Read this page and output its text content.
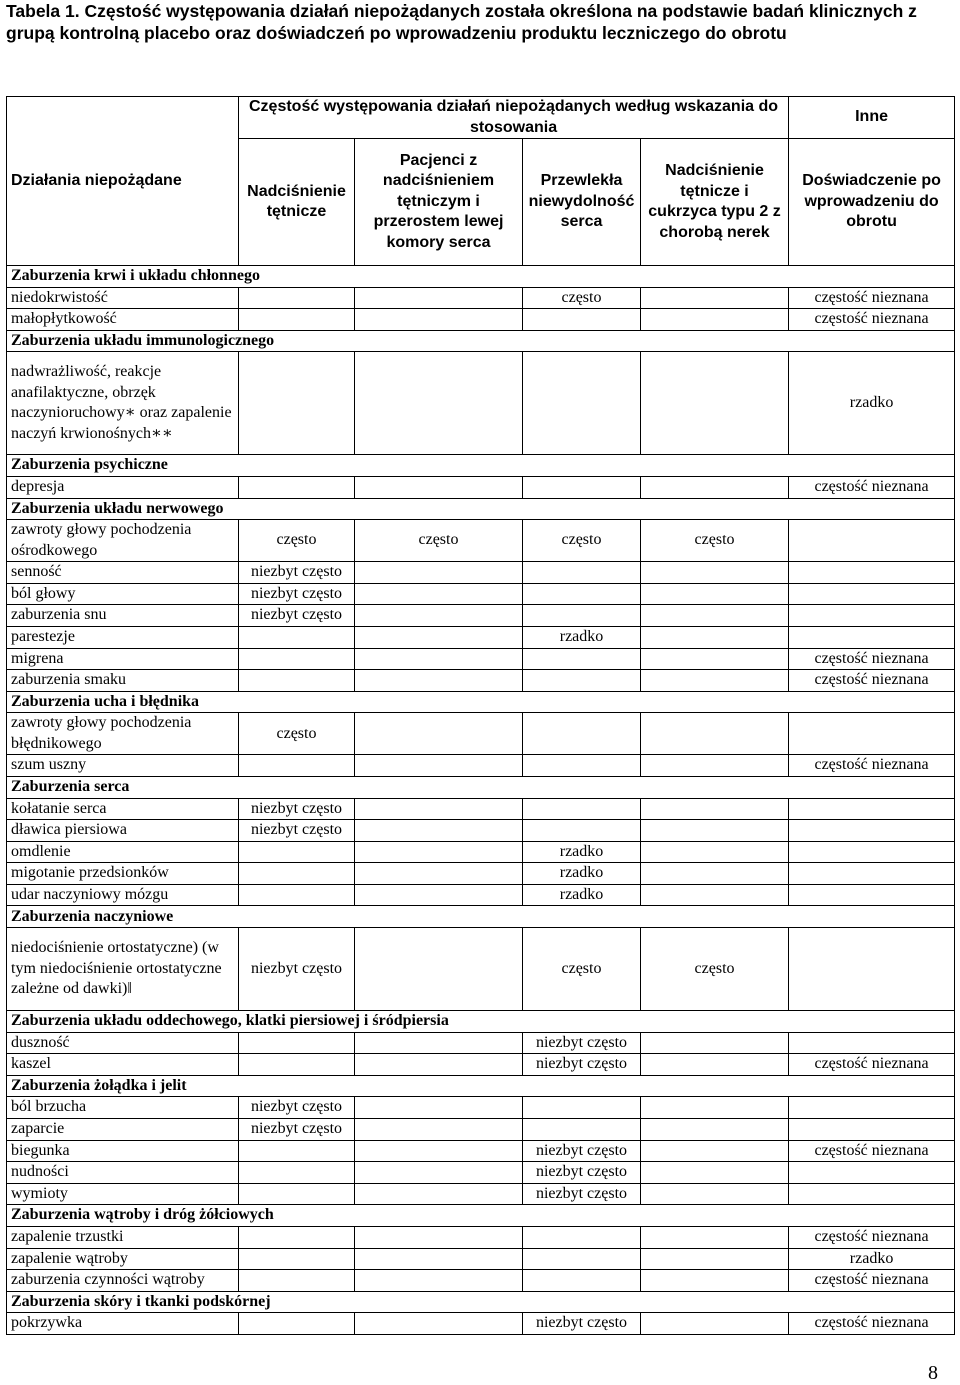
Tabela 1. Częstość występowania działań niepożądanych została określona na podstawie badań klinicznych z grupą kontrolną placebo oraz doświadczeń po wprowadzeniu produktu leczniczego do obrotu
Działania niepożądane	Częstość występowania działań niepożądanych według wskazania do stosowania				Inne
	Nadciśnienie tętnicze	Pacjenci z nadciśnieniem tętniczym i przerostem lewej komory serca	Przewlekła niewydolność serca	Nadciśnienie tętnicze i cukrzyca typu 2 z chorobą nerek	Doświadczenie po wprowadzeniu do obrotu
Zaburzenia krwi i układu chłonnego					
niedokrwistość			często		częstość nieznana
małopłytkowość					częstość nieznana
Zaburzenia układu immunologicznego					
nadwrażliwość, reakcje anafilaktyczne, obrzęk naczynioruchowy∗ oraz zapalenie naczyń krwionośnych∗∗					rzadko
Zaburzenia psychiczne					
depresja					częstość nieznana
Zaburzenia układu nerwowego					
zawroty głowy pochodzenia ośrodkowego	często	często	często	często	
senność	niezbyt często				
ból głowy	niezbyt często				
zaburzenia snu	niezbyt często				
parestezje			rzadko		
migrena					częstość nieznana
zaburzenia smaku					częstość nieznana
Zaburzenia ucha i błędnika					
zawroty głowy pochodzenia błędnikowego	często				
szum uszny					częstość nieznana
Zaburzenia serca					
kołatanie serca	niezbyt często				
dławica piersiowa	niezbyt często				
omdlenie			rzadko		
migotanie przedsionków			rzadko		
udar naczyniowy mózgu			rzadko		
Zaburzenia naczyniowe					
niedociśnienie ortostatyczne) (w tym niedociśnienie ortostatyczne zależne od dawki)‖	niezbyt często		często	często	
Zaburzenia układu oddechowego, klatki piersiowej i śródpiersia					
duszność			niezbyt często		
kaszel			niezbyt często		częstość nieznana
Zaburzenia żołądka i jelit					
ból brzucha	niezbyt często				
zaparcie	niezbyt często				
biegunka			niezbyt często		częstość nieznana
nudności			niezbyt często		
wymioty			niezbyt często		
Zaburzenia wątroby i dróg żółciowych					
zapalenie trzustki					częstość nieznana
zapalenie wątroby					rzadko
zaburzenia czynności wątroby					częstość nieznana
Zaburzenia skóry i tkanki podskórnej					
pokrzywka			niezbyt często		częstość nieznana
8
